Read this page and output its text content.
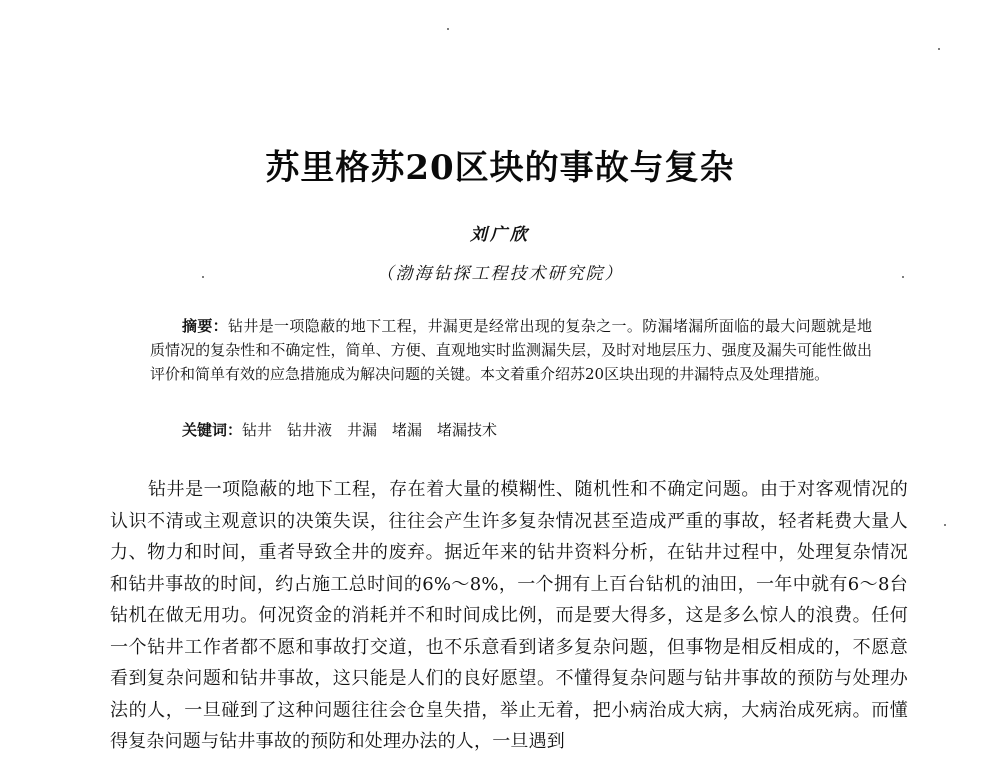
苏里格苏20区块的事故与复杂
刘广欣
（渤海钻探工程技术研究院）
摘要：钻井是一项隐蔽的地下工程，井漏更是经常出现的复杂之一。防漏堵漏所面临的最大问题就是地质情况的复杂性和不确定性，简单、方便、直观地实时监测漏失层，及时对地层压力、强度及漏失可能性做出评价和简单有效的应急措施成为解决问题的关键。本文着重介绍苏20区块出现的井漏特点及处理措施。
关键词：钻井　钻井液　井漏　堵漏　堵漏技术
钻井是一项隐蔽的地下工程，存在着大量的模糊性、随机性和不确定问题。由于对客观情况的认识不清或主观意识的决策失误，往往会产生许多复杂情况甚至造成严重的事故，轻者耗费大量人力、物力和时间，重者导致全井的废弃。据近年来的钻井资料分析，在钻井过程中，处理复杂情况和钻井事故的时间，约占施工总时间的6%～8%，一个拥有上百台钻机的油田，一年中就有6～8台钻机在做无用功。何况资金的消耗并不和时间成比例，而是要大得多，这是多么惊人的浪费。任何一个钻井工作者都不愿和事故打交道，也不乐意看到诸多复杂问题，但事物是相反相成的，不愿意看到复杂问题和钻井事故，这只能是人们的良好愿望。不懂得复杂问题与钻井事故的预防与处理办法的人，一旦碰到了这种问题往往会仓皇失措，举止无着，把小病治成大病，大病治成死病。而懂得复杂问题与钻井事故的预防和处理办法的人，一旦遇到
